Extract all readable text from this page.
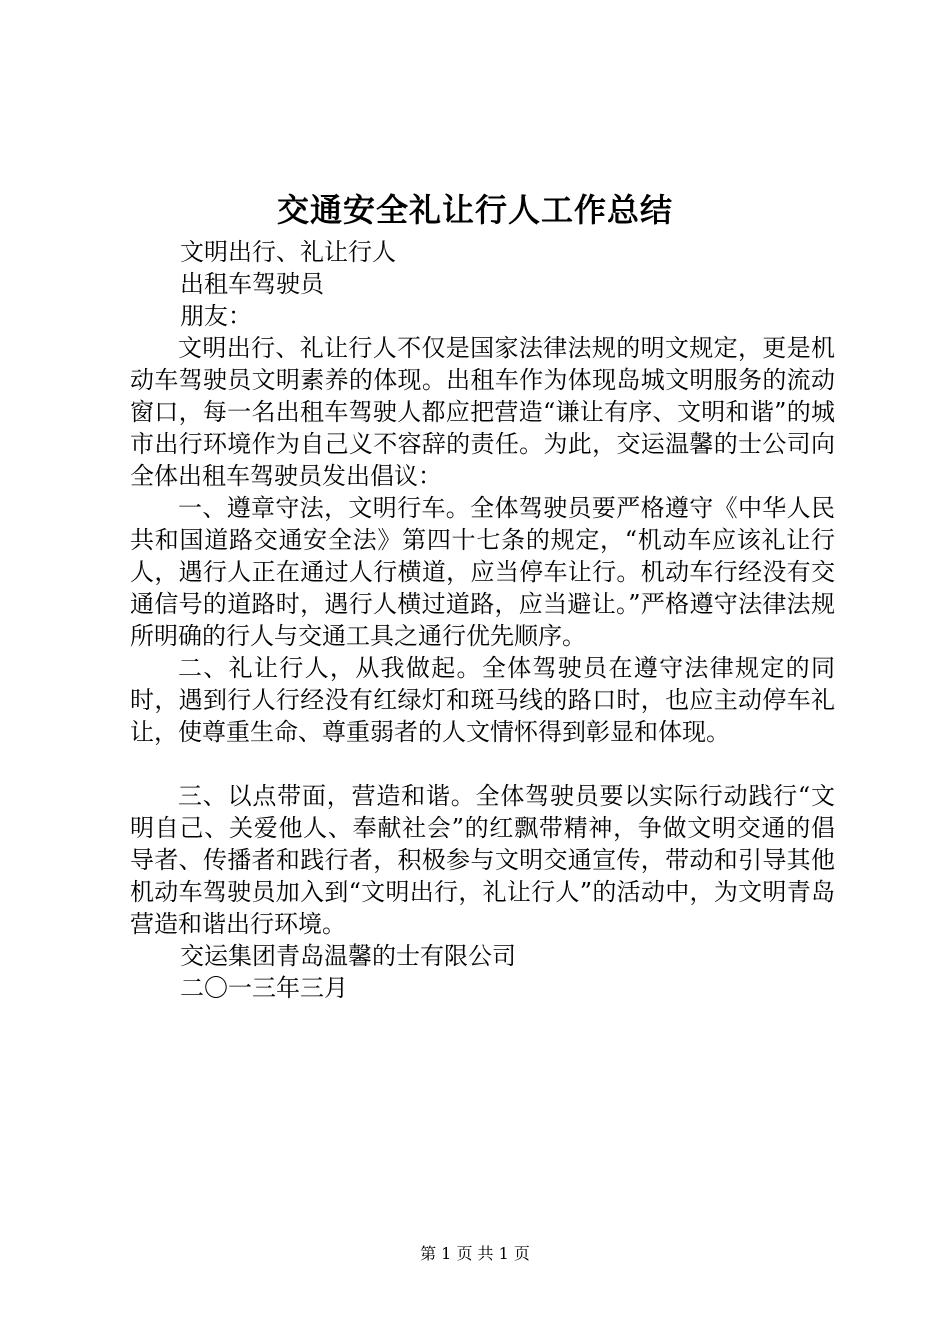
交通安全礼让行人工作总结
文明出行、礼让行人
出租车驾驶员
朋友：

文明出行、礼让行人不仅是国家法律法规的明文规定，更是机动车驾驶员文明素养的体现。出租车作为体现岛城文明服务的流动窗口，每一名出租车驾驶人都应把营造“谦让有序、文明和谐”的城市出行环境作为自己义不容辞的责任。为此，交运温馨的士公司向全体出租车驾驶员发出倡议：

一、遵章守法，文明行车。全体驾驶员要严格遵守《中华人民共和国道路交通安全法》第四十七条的规定，“机动车应该礼让行人，遇行人正在通过人行横道，应当停车让行。机动车行经没有交通信号的道路时，遇行人横过道路，应当避让。”严格遵守法律法规所明确的行人与交通工具之通行优先顺序。

二、礼让行人，从我做起。全体驾驶员在遵守法律规定的同时，遇到行人行经没有红绿灯和斑马线的路口时，也应主动停车礼让，使尊重生命、尊重弱者的人文情怀得到彰显和体现。

三、以点带面，营造和谐。全体驾驶员要以实际行动践行“文明自己、关爱他人、奉献社会”的红飘带精神，争做文明交通的倡导者、传播者和践行者，积极参与文明交通宣传，带动和引导其他机动车驾驶员加入到“文明出行，礼让行人”的活动中，为文明青岛营造和谐出行环境。

交运集团青岛温馨的士有限公司
二〇一三年三月
第 1 页 共 1 页
